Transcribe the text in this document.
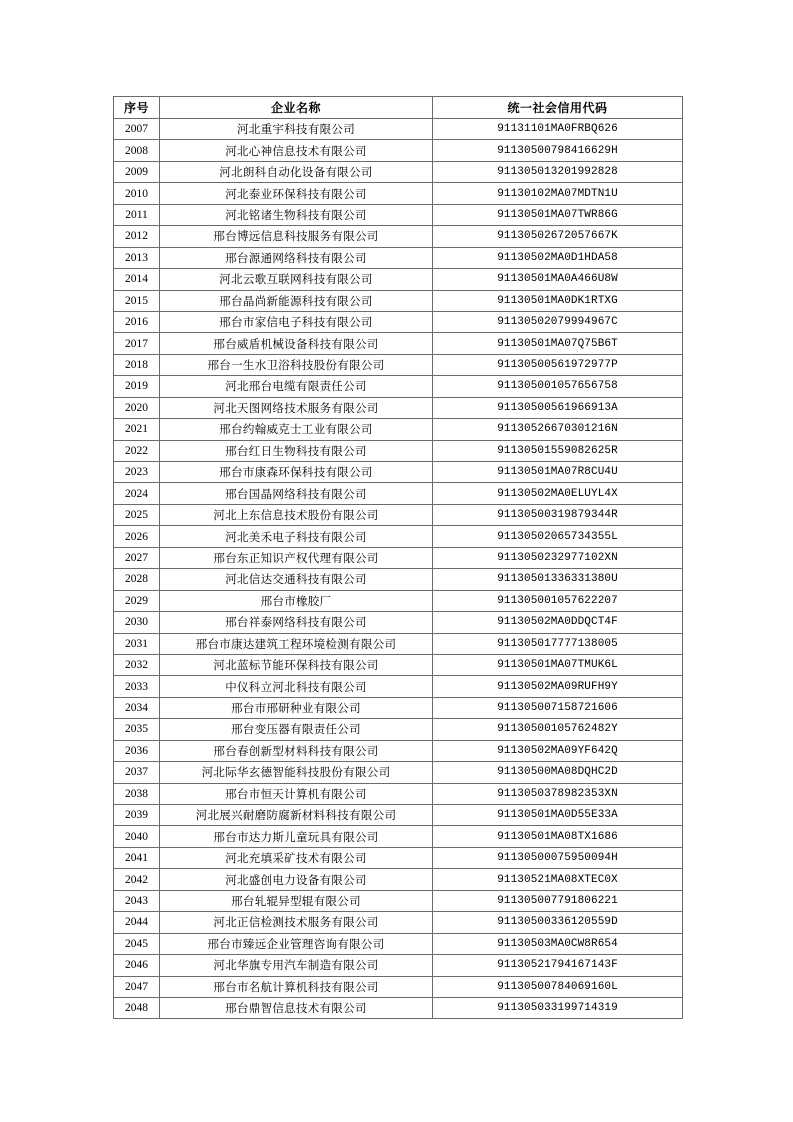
序号	企业名称	统一社会信用代码
2007	河北重宇科技有限公司	91131101MA0FRBQ626
2008	河北心神信息技术有限公司	91130500798416629H
2009	河北朗科自动化设备有限公司	911305013201992828
2010	河北泰业环保科技有限公司	91130102MA07MDTN1U
2011	河北铭诸生物科技有限公司	91130501MA07TWR86G
2012	邢台博远信息科技服务有限公司	91130502672057667K
2013	邢台源通网络科技有限公司	91130502MA0D1HDA58
2014	河北云歌互联网科技有限公司	91130501MA0A466U8W
2015	邢台晶尚新能源科技有限公司	91130501MA0DK1RTXG
2016	邢台市家信电子科技有限公司	91130502079994967C
2017	邢台威盾机械设备科技有限公司	91130501MA07Q75B6T
2018	邢台一生水卫浴科技股份有限公司	91130500561972977P
2019	河北邢台电缆有限责任公司	911305001057656758
2020	河北天图网络技术服务有限公司	91130500561966913A
2021	邢台约翰威克士工业有限公司	91130526670301216N
2022	邢台红日生物科技有限公司	91130501559082625R
2023	邢台市康森环保科技有限公司	91130501MA07R8CU4U
2024	邢台国晶网络科技有限公司	91130502MA0ELUYL4X
2025	河北上东信息技术股份有限公司	91130500319879344R
2026	河北美禾电子科技有限公司	91130502065734355L
2027	邢台东正知识产权代理有限公司	9113050232977102XN
2028	河北信达交通科技有限公司	91130501336331380U
2029	邢台市橡胶厂	911305001057622207
2030	邢台祥泰网络科技有限公司	91130502MA0DDQCT4F
2031	邢台市康达建筑工程环境检测有限公司	911305017777138005
2032	河北蓝标节能环保科技有限公司	91130501MA07TMUK6L
2033	中仪科立河北科技有限公司	91130502MA09RUFH9Y
2034	邢台市邢研种业有限公司	911305007158721606
2035	邢台变压器有限责任公司	91130500105762482Y
2036	邢台春创新型材料科技有限公司	91130502MA09YF642Q
2037	河北际华玄德智能科技股份有限公司	91130500MA08DQHC2D
2038	邢台市恒天计算机有限公司	9113050378982353XN
2039	河北展兴耐磨防腐新材料科技有限公司	91130501MA0D55E33A
2040	邢台市达力斯儿童玩具有限公司	91130501MA08TX1686
2041	河北充填采矿技术有限公司	91130500075950094H
2042	河北盛创电力设备有限公司	91130521MA08XTEC0X
2043	邢台轧辊异型辊有限公司	911305007791806221
2044	河北正信检测技术服务有限公司	91130500336120559D
2045	邢台市臻远企业管理咨询有限公司	91130503MA0CW8R654
2046	河北华旗专用汽车制造有限公司	91130521794167143F
2047	邢台市名航计算机科技有限公司	91130500784069160L
2048	邢台鼎智信息技术有限公司	911305033199714319
